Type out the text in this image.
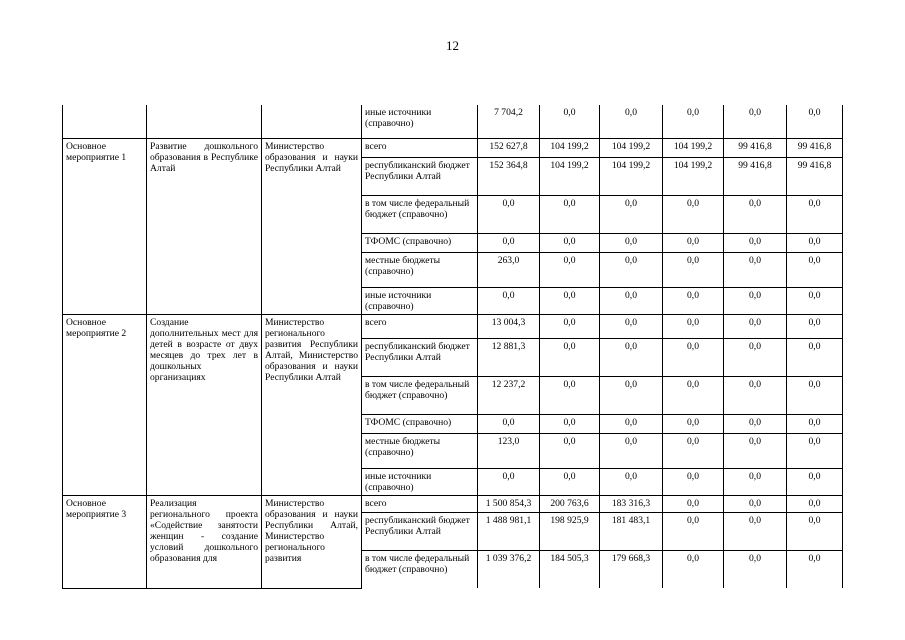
12

	иные источники (справочно)	7 704,2	0,0	0,0	0,0	0,0	0,0
Основное мероприятие 1	Развитие дошкольного образования в Республике Алтай	Министерство образования и науки Республики Алтай	всего	152 627,8	104 199,2	104 199,2	104 199,2	99 416,8	99 416,8
			республиканский бюджет Республики Алтай	152 364,8	104 199,2	104 199,2	104 199,2	99 416,8	99 416,8
			в том числе федеральный бюджет (справочно)	0,0	0,0	0,0	0,0	0,0	0,0
			ТФОМС (справочно)	0,0	0,0	0,0	0,0	0,0	0,0
			местные бюджеты (справочно)	263,0	0,0	0,0	0,0	0,0	0,0
			иные источники (справочно)	0,0	0,0	0,0	0,0	0,0	0,0
Основное мероприятие 2	Создание дополнительных мест для детей в возрасте от двух месяцев до трех лет в дошкольных организациях	Министерство регионального развития Республики Алтай, Министерство образования и науки Республики Алтай	всего	13 004,3	0,0	0,0	0,0	0,0	0,0
			республиканский бюджет Республики Алтай	12 881,3	0,0	0,0	0,0	0,0	0,0
			в том числе федеральный бюджет (справочно)	12 237,2	0,0	0,0	0,0	0,0	0,0
			ТФОМС (справочно)	0,0	0,0	0,0	0,0	0,0	0,0
			местные бюджеты (справочно)	123,0	0,0	0,0	0,0	0,0	0,0
			иные источники (справочно)	0,0	0,0	0,0	0,0	0,0	0,0
Основное мероприятие 3	Реализация регионального проекта «Содействие занятости женщин - создание условий дошкольного образования для	Министерство образования и науки Республики Алтай, Министерство регионального развития	всего	1 500 854,3	200 763,6	183 316,3	0,0	0,0	0,0
			республиканский бюджет Республики Алтай	1 488 981,1	198 925,9	181 483,1	0,0	0,0	0,0
			в том числе федеральный бюджет (справочно)	1 039 376,2	184 505,3	179 668,3	0,0	0,0	0,0
